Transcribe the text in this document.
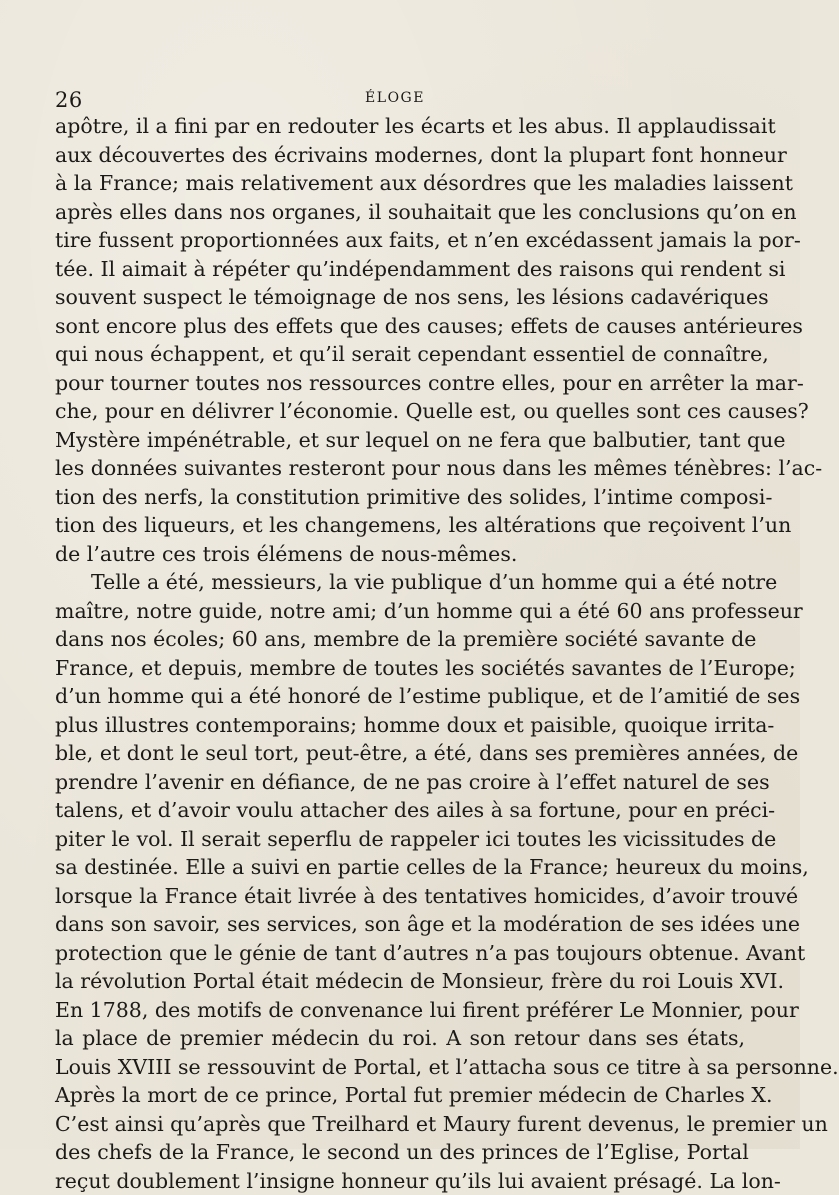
26	ÉLOGE
apôtre, il a fini par en redouter les écarts et les abus. Il applaudissait
aux découvertes des écrivains modernes, dont la plupart font honneur
à la France; mais relativement aux désordres que les maladies laissent
après elles dans nos organes, il souhaitait que les conclusions qu’on en
tire fussent proportionnées aux faits, et n’en excédassent jamais la por-
tée. Il aimait à répéter qu’indépendamment des raisons qui rendent si
souvent suspect le témoignage de nos sens, les lésions cadavériques
sont encore plus des effets que des causes; effets de causes antérieures
qui nous échappent, et qu’il serait cependant essentiel de connaître,
pour tourner toutes nos ressources contre elles, pour en arrêter la mar-
che, pour en délivrer l’économie. Quelle est, ou quelles sont ces causes?
Mystère impénétrable, et sur lequel on ne fera que balbutier, tant que
les données suivantes resteront pour nous dans les mêmes ténèbres: l’ac-
tion des nerfs, la constitution primitive des solides, l’intime composi-
tion des liqueurs, et les changemens, les altérations que reçoivent l’un
de l’autre ces trois élémens de nous-mêmes.
Telle a été, messieurs, la vie publique d’un homme qui a été notre
maître, notre guide, notre ami; d’un homme qui a été 60 ans professeur
dans nos écoles; 60 ans, membre de la première société savante de
France, et depuis, membre de toutes les sociétés savantes de l’Europe;
d’un homme qui a été honoré de l’estime publique, et de l’amitié de ses
plus illustres contemporains; homme doux et paisible, quoique irrita-
ble, et dont le seul tort, peut-être, a été, dans ses premières années, de
prendre l’avenir en défiance, de ne pas croire à l’effet naturel de ses
talens, et d’avoir voulu attacher des ailes à sa fortune, pour en préci-
piter le vol. Il serait seperflu de rappeler ici toutes les vicissitudes de
sa destinée. Elle a suivi en partie celles de la France; heureux du moins,
lorsque la France était livrée à des tentatives homicides, d’avoir trouvé
dans son savoir, ses services, son âge et la modération de ses idées une
protection que le génie de tant d’autres n’a pas toujours obtenue. Avant
la révolution Portal était médecin de Monsieur, frère du roi Louis XVI.
En 1788, des motifs de convenance lui firent préférer Le Monnier, pour
la place de premier médecin du roi. A son retour dans ses états,
Louis XVIII se ressouvint de Portal, et l’attacha sous ce titre à sa personne.
Après la mort de ce prince, Portal fut premier médecin de Charles X.
C’est ainsi qu’après que Treilhard et Maury furent devenus, le premier un
des chefs de la France, le second un des princes de l’Eglise, Portal
reçut doublement l’insigne honneur qu’ils lui avaient présagé. La lon-
